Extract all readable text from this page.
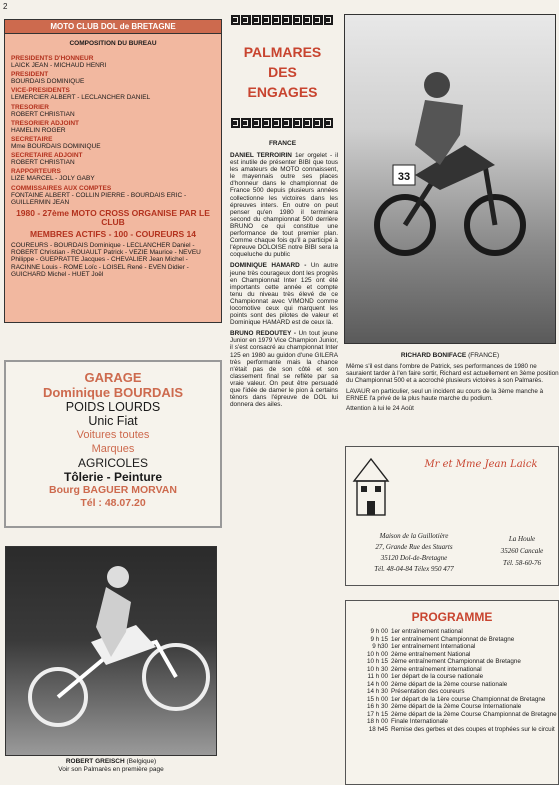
2
MOTO CLUB DOL de BRETAGNE
COMPOSITION DU BUREAU
PRESIDENTS D'HONNEUR
LAICK JEAN - MICHAUD HENRI
PRESIDENT
BOURDAIS DOMINIQUE
VICE-PRESIDENTS
LEMERCIER ALBERT - LECLANCHER DANIEL
TRESORIER
ROBERT CHRISTIAN
TRESORIER ADJOINT
HAMELIN ROGER
SECRETAIRE
Mme BOURDAIS DOMINIQUE
SECRETAIRE ADJOINT
ROBERT CHRISTIAN
RAPPORTEURS
LIZE MARCEL - JOLY GABY
COMMISSAIRES AUX COMPTES
FONTAINE ALBERT - COLLIN PIERRE - BOURDAIS ERIC - GUILLERMIN JEAN
1980 - 27ème MOTO CROSS ORGANISE PAR LE CLUB
MEMBRES ACTIFS - 100 - COUREURS 14
COUREURS - BOURDAIS Dominique - LECLANCHER Daniel - ROBERT Christian - ROUAULT Patrick - VEZIE Maurice - NEVEU Philippe - GUEPRATTE Jacques - CHEVALIER Jean Michel - RACINNE Louis - ROME Loïc - LOISEL René - EVEN Didier - GUICHARD Michel - HUET Joël
GARAGE
Dominique BOURDAIS
POIDS LOURDS
Unic Fiat
Voitures toutes
Marques
AGRICOLES
Tôlerie - Peinture
Bourg BAGUER MORVAN
Tél : 48.07.20
ROBERT GREISCH (Belgique)
Voir son Palmarès en première page
PALMARES
DES
ENGAGES
FRANCE

DANIEL TERROIRIN 1er orgelet - il est inutile de présenter BIBI que tous les amateurs de MOTO connaissent, le mayennais outre ses places d'honneur dans le championnat de France 500 depuis plusieurs années collectionne les victoires dans les épreuves inters. En outre on peut penser qu'en 1980 il terminera second du championnat 500 derrière BRUNO ce qui constitue une performance de tout premier plan. Comme chaque fois qu'il a participé à l'épreuve DOLOISE notre BIBI sera la coqueluche du public

DOMINIQUE HAMARD - Un autre jeune très courageux dont les progrès en Championnat Inter 125 ont été importants cette année et compte tenu du niveau très élevé de ce Championnat avec VIMOND comme locomotive ceux qui marquent les points sont des pilotes de valeur et Dominique HAMARD est de ceux là.

BRUNO REDOUTEY - Un tout jeune Junior en 1979 Vice Champion Junior, il s'est consacré au championnat Inter 125 en 1980 au guidon d'une GILERA très performante mais la chance n'était pas de son côté et son classement final se reflète par sa vraie valeur. On peut être persuadé que l'idée de damer le pion à certains ténors dans l'épreuve de DOL lui donnera des ailes.

33
RICHARD BONIFACE (FRANCE)

Même s'il est dans l'ombre de Patrick, ses performances de 1980 ne sauraient tarder à l'en faire sortir, Richard est actuellement en 3ème position du Championnat 500 et a accroché plusieurs victoires à son Palmarès.

LAVAUR en particulier, seul un incident au cours de la 3ème manche à ERNEE l'a privé de la plus haute marche du podium.

Attention à lui le 24 Août

Mr et Mme Jean Laick
Maison de la Guillotière
27, Grande Rue des Stuarts
35120 Dol-de-Bretagne
Tél. 48-04-84 Télex 950 477
La Houle
35260 Cancale
Tél. 58-60-76
PROGRAMME
9 h 00 1er entraînement national
9 h 15 1er entraînement Championnat de Bretagne
9 h30 1er entraînement International
10 h 00 2ème entraînement National
10 h 15 2ème entraînement Championnat de Bretagne
10 h 30 2ème entraînement international
11 h 00 1er départ de la course nationale
14 h 00 2ème départ de la 2ème course nationale
14 h 30 Présentation des coureurs
15 h 00 1er départ de la 1ère course Championnat de Bretagne
16 h 30 2ème départ de la 2ème Course Internationale
17 h 15 2ème départ de la 2ème Course Championnat de Bretagne
18 h 00 Finale Internationale
18 h45 Remise des gerbes et des coupes et trophées sur le circuit
